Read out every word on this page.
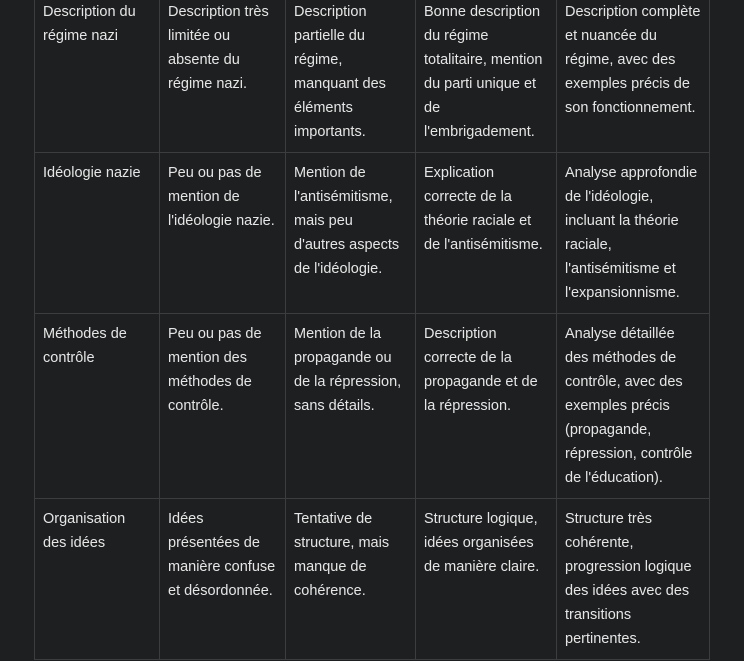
Description du régime nazi	Description très limitée ou absente du régime nazi.	Description partielle du régime, manquant des éléments importants.	Bonne description du régime totalitaire, mention du parti unique et de l'embrigadement.	Description complète et nuancée du régime, avec des exemples précis de son fonctionnement.
Idéologie nazie	Peu ou pas de mention de l'idéologie nazie.	Mention de l'antisémitisme, mais peu d'autres aspects de l'idéologie.	Explication correcte de la théorie raciale et de l'antisémitisme.	Analyse approfondie de l'idéologie, incluant la théorie raciale, l'antisémitisme et l'expansionnisme.
Méthodes de contrôle	Peu ou pas de mention des méthodes de contrôle.	Mention de la propagande ou de la répression, sans détails.	Description correcte de la propagande et de la répression.	Analyse détaillée des méthodes de contrôle, avec des exemples précis (propagande, répression, contrôle de l'éducation).
Organisation des idées	Idées présentées de manière confuse et désordonnée.	Tentative de structure, mais manque de cohérence.	Structure logique, idées organisées de manière claire.	Structure très cohérente, progression logique des idées avec des transitions pertinentes.
